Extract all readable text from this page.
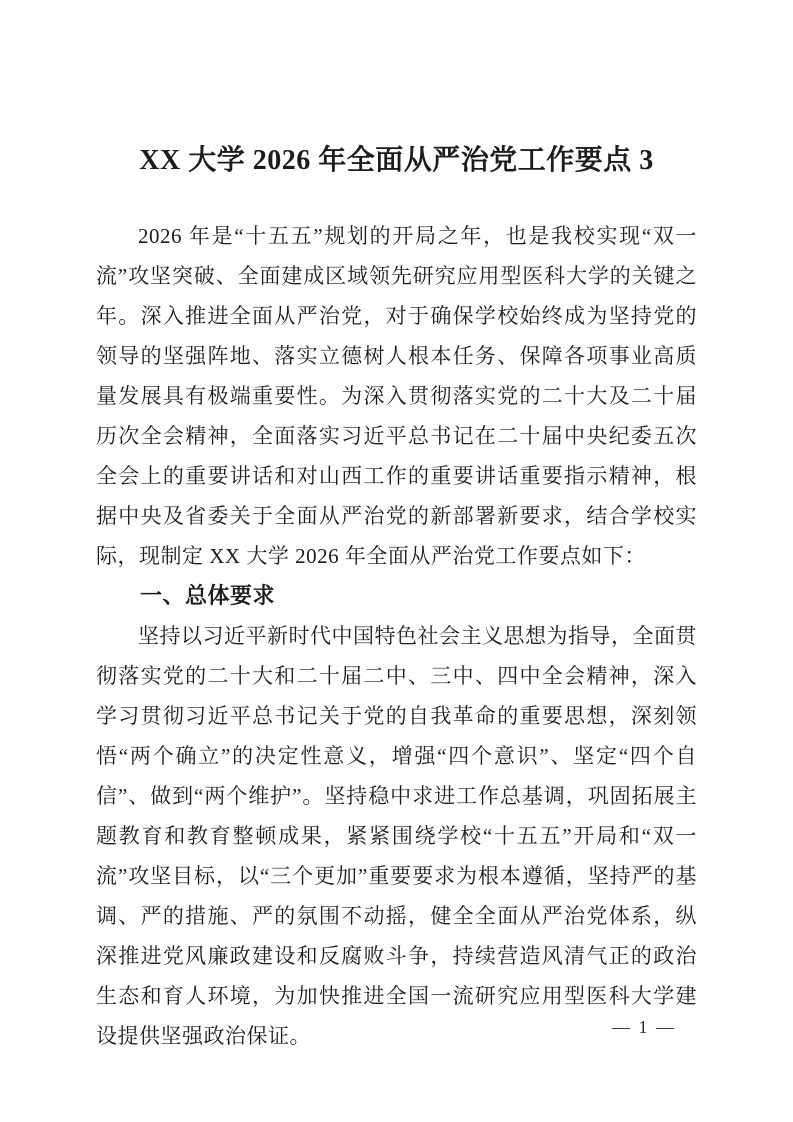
XX 大学 2026 年全面从严治党工作要点 3

2026 年是“十五五”规划的开局之年，也是我校实现“双一流”攻坚突破、全面建成区域领先研究应用型医科大学的关键之年。深入推进全面从严治党，对于确保学校始终成为坚持党的领导的坚强阵地、落实立德树人根本任务、保障各项事业高质量发展具有极端重要性。为深入贯彻落实党的二十大及二十届历次全会精神，全面落实习近平总书记在二十届中央纪委五次全会上的重要讲话和对山西工作的重要讲话重要指示精神，根据中央及省委关于全面从严治党的新部署新要求，结合学校实际，现制定 XX 大学 2026 年全面从严治党工作要点如下：

一、总体要求

坚持以习近平新时代中国特色社会主义思想为指导，全面贯彻落实党的二十大和二十届二中、三中、四中全会精神，深入学习贯彻习近平总书记关于党的自我革命的重要思想，深刻领悟“两个确立”的决定性意义，增强“四个意识”、坚定“四个自信”、做到“两个维护”。坚持稳中求进工作总基调，巩固拓展主题教育和教育整顿成果，紧紧围绕学校“十五五”开局和“双一流”攻坚目标，以“三个更加”重要要求为根本遵循，坚持严的基调、严的措施、严的氛围不动摇，健全全面从严治党体系，纵深推进党风廉政建设和反腐败斗争，持续营造风清气正的政治生态和育人环境，为加快推进全国一流研究应用型医科大学建设提供坚强政治保证。	— 1 —
